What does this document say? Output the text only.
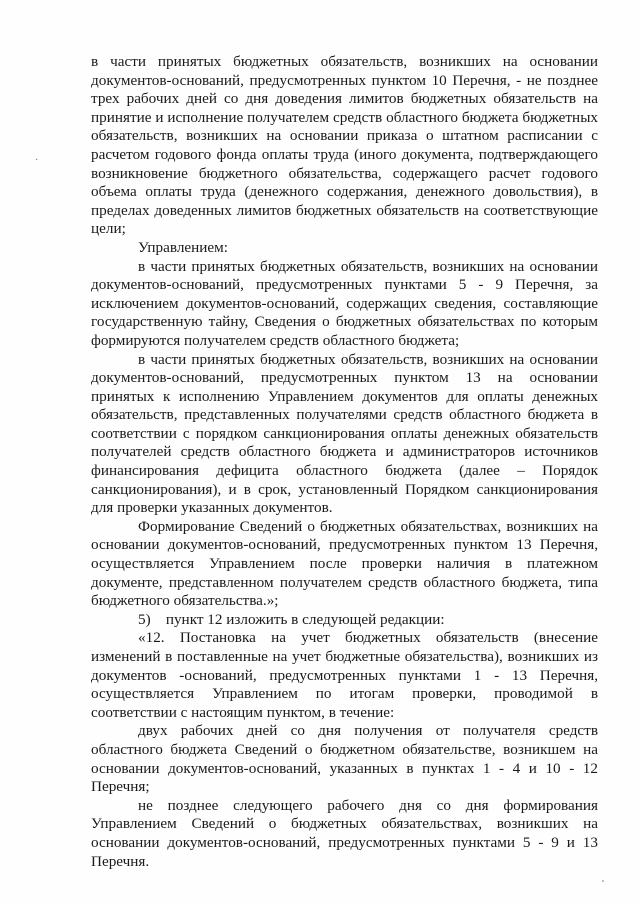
·

в части принятых бюджетных обязательств, возникших на основании документов-оснований, предусмотренных пунктом 10 Перечня, - не позднее трех рабочих дней со дня доведения лимитов бюджетных обязательств на принятие и исполнение получателем средств областного бюджета бюджетных обязательств, возникших на основании приказа о штатном расписании с расчетом годового фонда оплаты труда (иного документа, подтверждающего возникновение бюджетного обязательства, содержащего расчет годового объема оплаты труда (денежного содержания, денежного довольствия), в пределах доведенных лимитов бюджетных обязательств на соответствующие цели;

Управлением:

в части принятых бюджетных обязательств, возникших на основании документов-оснований, предусмотренных пунктами 5 - 9 Перечня, за исключением документов-оснований, содержащих сведения, составляющие государственную тайну, Сведения о бюджетных обязательствах по которым формируются получателем средств областного бюджета;

в части принятых бюджетных обязательств, возникших на основании документов-оснований, предусмотренных пунктом 13 на основании принятых к исполнению Управлением документов для оплаты денежных обязательств, представленных получателями средств областного бюджета в соответствии с порядком санкционирования оплаты денежных обязательств получателей средств областного бюджета и администраторов источников финансирования дефицита областного бюджета (далее – Порядок санкционирования), и в срок, установленный Порядком санкционирования для проверки указанных документов.

Формирование Сведений о бюджетных обязательствах, возникших на основании документов-оснований, предусмотренных пунктом 13 Перечня, осуществляется Управлением после проверки наличия в платежном документе, представленном получателем средств областного бюджета, типа бюджетного обязательства.»;

5)    пункт 12 изложить в следующей редакции:

«12. Постановка на учет бюджетных обязательств (внесение изменений в поставленные на учет бюджетные обязательства), возникших из документов -оснований, предусмотренных пунктами 1 - 13 Перечня, осуществляется Управлением по итогам проверки, проводимой в соответствии с настоящим пунктом, в течение:

двух рабочих дней со дня получения от получателя средств областного бюджета Сведений о бюджетном обязательстве, возникшем на основании документов-оснований, указанных в пунктах 1 - 4 и 10 - 12 Перечня;

не позднее следующего рабочего дня со дня формирования Управлением Сведений о бюджетных обязательствах, возникших на основании документов-оснований, предусмотренных пунктами 5 - 9 и 13 Перечня.
